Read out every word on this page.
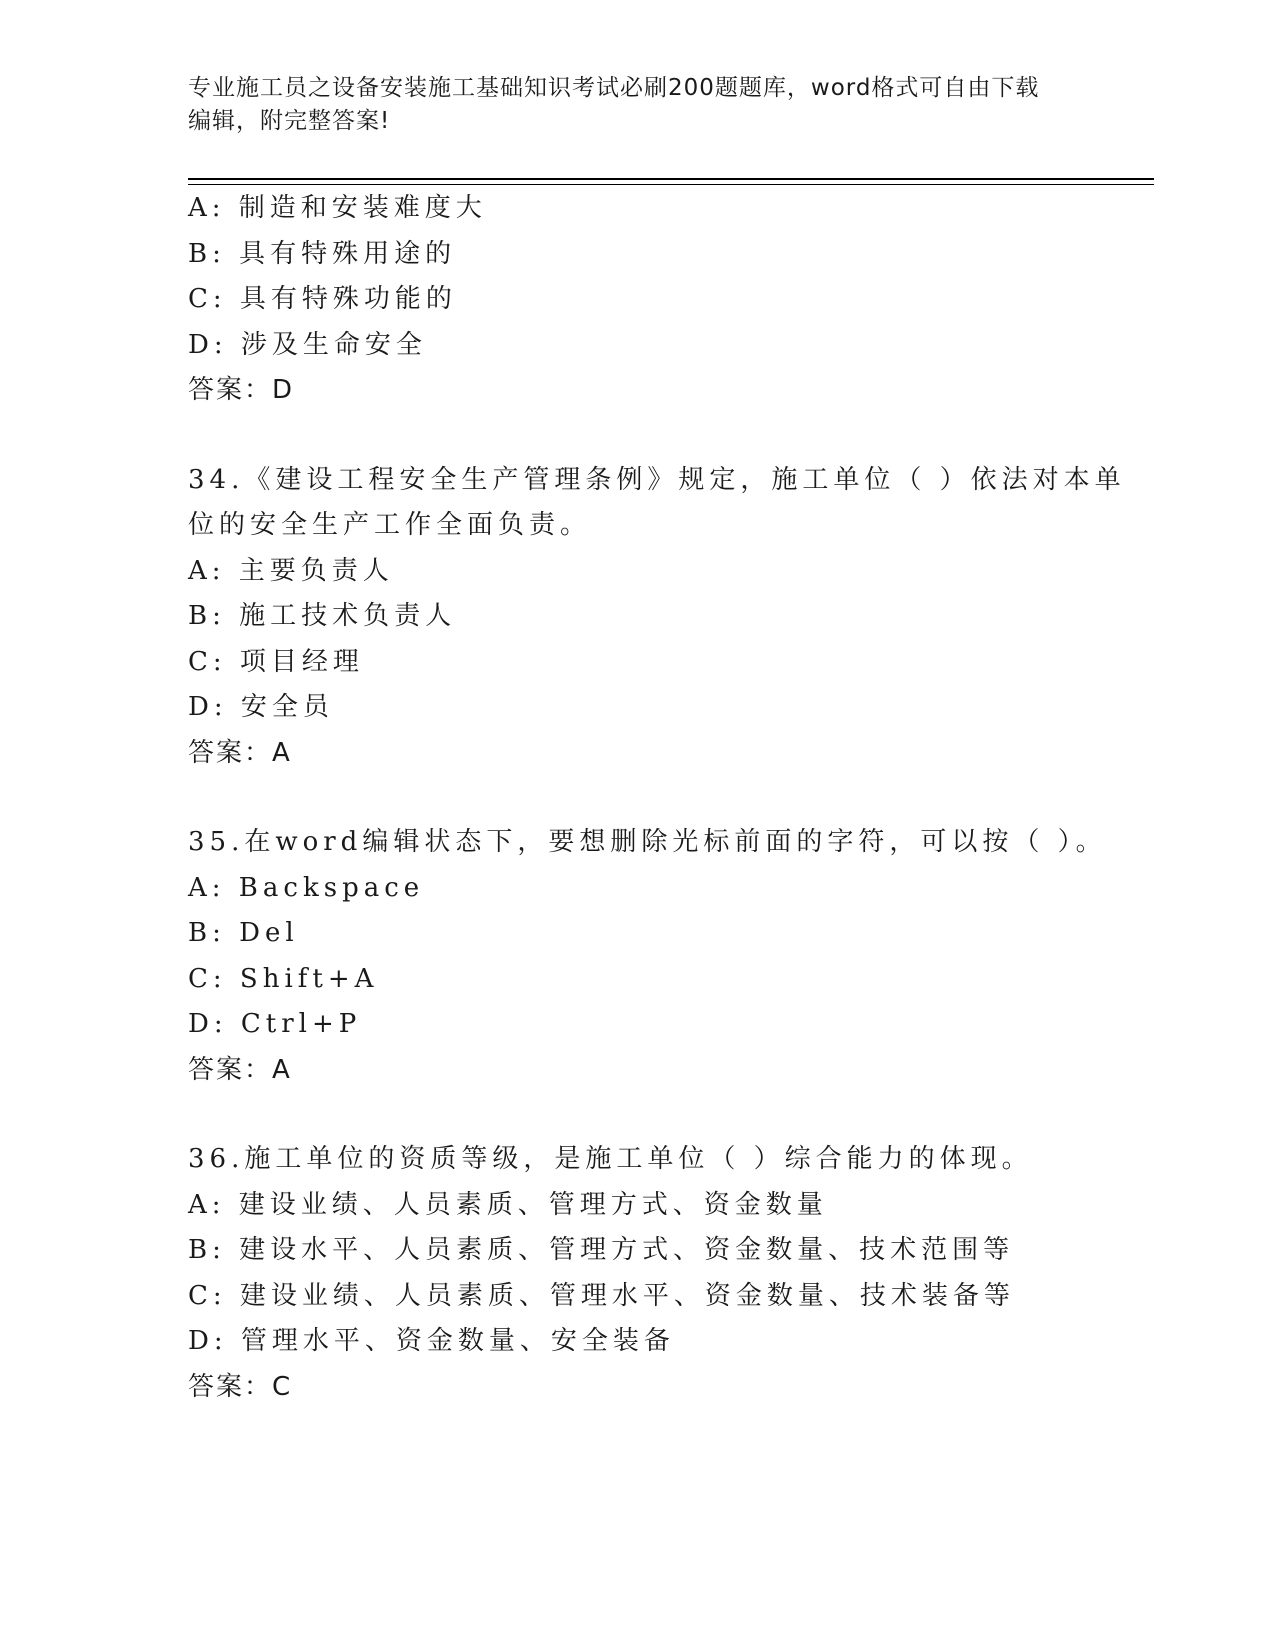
专业施工员之设备安装施工基础知识考试必刷200题题库，word格式可自由下载
编辑，附完整答案!
A: 制造和安装难度大
B: 具有特殊用途的
C: 具有特殊功能的
D: 涉及生命安全
答案：D
34.《建设工程安全生产管理条例》规定，施工单位（ ）依法对本单
位的安全生产工作全面负责。
A: 主要负责人
B: 施工技术负责人
C: 项目经理
D: 安全员
答案：A
35.在word编辑状态下，要想删除光标前面的字符，可以按（ ）。
A: Backspace
B: Del
C: Shift+A
D: Ctrl+P
答案：A
36.施工单位的资质等级，是施工单位（ ）综合能力的体现。
A: 建设业绩、人员素质、管理方式、资金数量
B: 建设水平、人员素质、管理方式、资金数量、技术范围等
C: 建设业绩、人员素质、管理水平、资金数量、技术装备等
D: 管理水平、资金数量、安全装备
答案：C
